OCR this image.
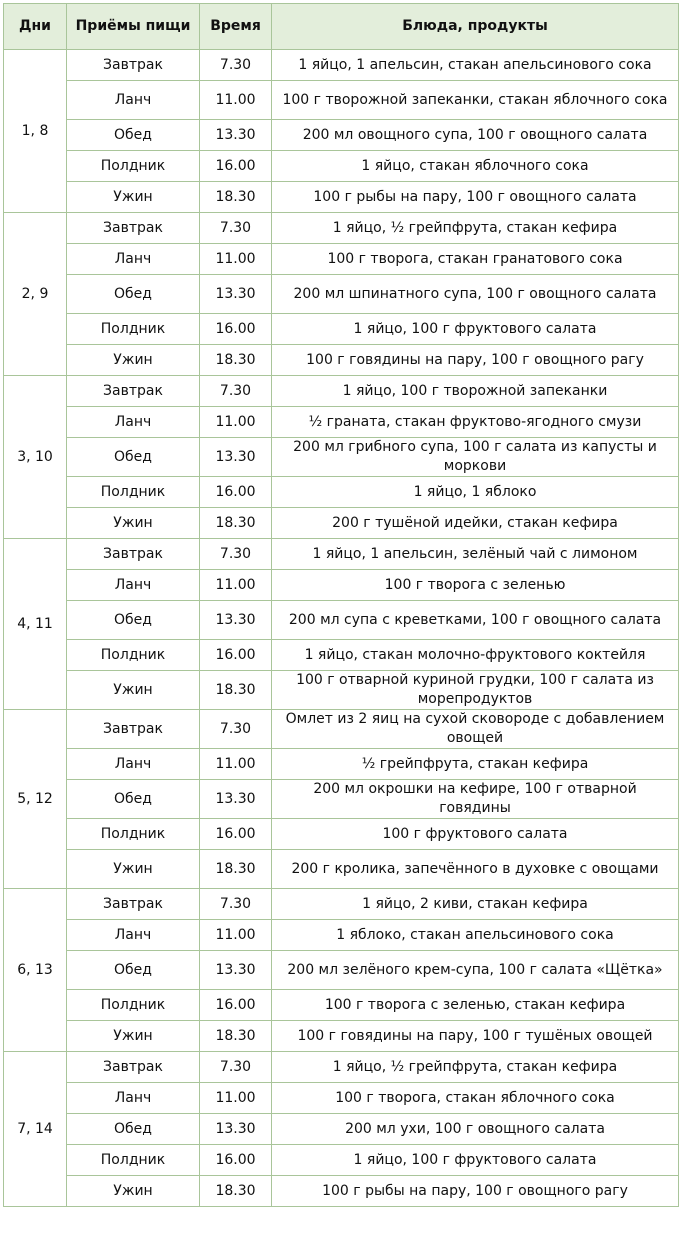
Дни	Приёмы пищи	Время	Блюда, продукты
1, 8	Завтрак	7.30	1 яйцо, 1 апельсин, стакан апельсинового сока
	Ланч	11.00	100 г творожной запеканки, стакан яблочного сока
	Обед	13.30	200 мл овощного супа, 100 г овощного салата
	Полдник	16.00	1 яйцо, стакан яблочного сока
	Ужин	18.30	100 г рыбы на пару, 100 г овощного салата
2, 9	Завтрак	7.30	1 яйцо, ½ грейпфрута, стакан кефира
	Ланч	11.00	100 г творога, стакан гранатового сока
	Обед	13.30	200 мл шпинатного супа, 100 г овощного салата
	Полдник	16.00	1 яйцо, 100 г фруктового салата
	Ужин	18.30	100 г говядины на пару, 100 г овощного рагу
3, 10	Завтрак	7.30	1 яйцо, 100 г творожной запеканки
	Ланч	11.00	½ граната, стакан фруктово-ягодного смузи
	Обед	13.30	200 мл грибного супа, 100 г салата из капусты и моркови
	Полдник	16.00	1 яйцо, 1 яблоко
	Ужин	18.30	200 г тушёной идейки, стакан кефира
4, 11	Завтрак	7.30	1 яйцо, 1 апельсин, зелёный чай с лимоном
	Ланч	11.00	100 г творога с зеленью
	Обед	13.30	200 мл супа с креветками, 100 г овощного салата
	Полдник	16.00	1 яйцо, стакан молочно-фруктового коктейля
	Ужин	18.30	100 г отварной куриной грудки, 100 г салата из морепродуктов
5, 12	Завтрак	7.30	Омлет из 2 яиц на сухой сковороде с добавлением овощей
	Ланч	11.00	½ грейпфрута, стакан кефира
	Обед	13.30	200 мл окрошки на кефире, 100 г отварной говядины
	Полдник	16.00	100 г фруктового салата
	Ужин	18.30	200 г кролика, запечённого в духовке с овощами
6, 13	Завтрак	7.30	1 яйцо, 2 киви, стакан кефира
	Ланч	11.00	1 яблоко, стакан апельсинового сока
	Обед	13.30	200 мл зелёного крем-супа, 100 г салата «Щётка»
	Полдник	16.00	100 г творога с зеленью, стакан кефира
	Ужин	18.30	100 г говядины на пару, 100 г тушёных овощей
7, 14	Завтрак	7.30	1 яйцо, ½ грейпфрута, стакан кефира
	Ланч	11.00	100 г творога, стакан яблочного сока
	Обед	13.30	200 мл ухи, 100 г овощного салата
	Полдник	16.00	1 яйцо, 100 г фруктового салата
	Ужин	18.30	100 г рыбы на пару, 100 г овощного рагу
